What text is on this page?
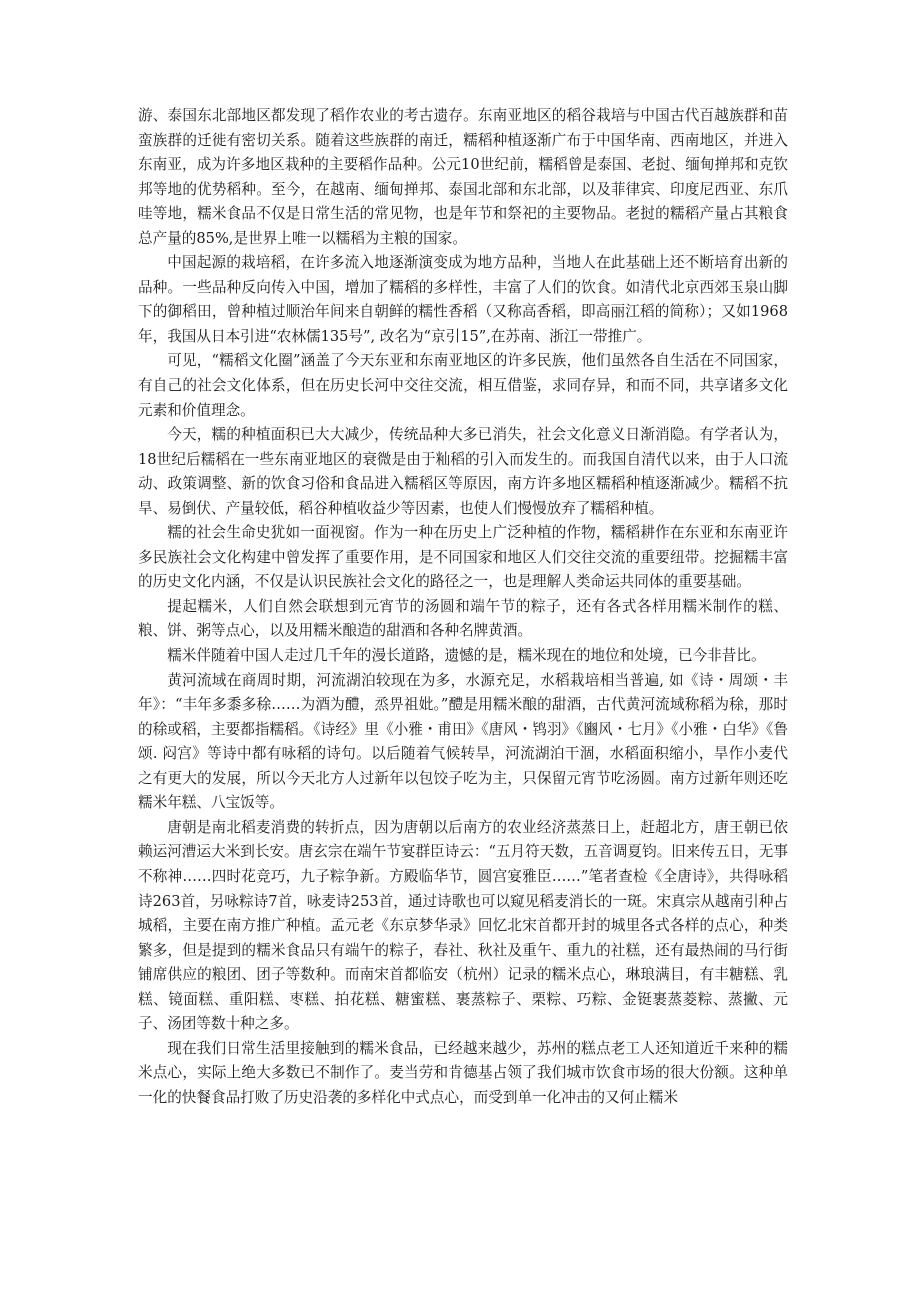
游、泰国东北部地区都发现了稻作农业的考古遗存。东南亚地区的稻谷栽培与中国古代百越族群和苗蛮族群的迁徙有密切关系。随着这些族群的南迁，糯稻种植逐渐广布于中国华南、西南地区，并进入东南亚，成为许多地区栽种的主要稻作品种。公元10世纪前，糯稻曾是泰国、老挝、缅甸掸邦和克钦邦等地的优势稻种。至今，在越南、缅甸掸邦、泰国北部和东北部，以及菲律宾、印度尼西亚、东爪哇等地，糯米食品不仅是日常生活的常见物，也是年节和祭祀的主要物品。老挝的糯稻产量占其粮食总产量的85%,是世界上唯一以糯稻为主粮的国家。

中国起源的栽培稻，在许多流入地逐渐演变成为地方品种，当地人在此基础上还不断培育出新的品种。一些品种反向传入中国，增加了糯稻的多样性，丰富了人们的饮食。如清代北京西郊玉泉山脚下的御稻田，曾种植过顺治年间来自朝鲜的糯性香稻（又称高香稻，即高丽江稻的简称）；又如1968年，我国从日本引进“农林儒135号”, 改名为“京引15”,在苏南、浙江一带推广。

可见，“糯稻文化圈”涵盖了今天东亚和东南亚地区的许多民族，他们虽然各自生活在不同国家，有自己的社会文化体系，但在历史长河中交往交流，相互借鉴，求同存异，和而不同，共享诸多文化元素和价值理念。

今天，糯的种植面积已大大减少，传统品种大多已消失，社会文化意义日渐消隐。有学者认为，18世纪后糯稻在一些东南亚地区的衰微是由于籼稻的引入而发生的。而我国自清代以来，由于人口流动、政策调整、新的饮食习俗和食品进入糯稻区等原因，南方许多地区糯稻种植逐渐减少。糯稻不抗旱、易倒伏、产量较低，稻谷种植收益少等因素，也使人们慢慢放弃了糯稻种植。

糯的社会生命史犹如一面视窗。作为一种在历史上广泛种植的作物，糯稻耕作在东亚和东南亚许多民族社会文化构建中曾发挥了重要作用，是不同国家和地区人们交往交流的重要纽带。挖掘糯丰富的历史文化内涵，不仅是认识民族社会文化的路径之一，也是理解人类命运共同体的重要基础。

提起糯米，人们自然会联想到元宵节的汤圆和端午节的粽子，还有各式各样用糯米制作的糕、粮、饼、粥等点心，以及用糯米酿造的甜酒和各种名牌黄酒。

糯米伴随着中国人走过几千年的漫长道路，遗憾的是，糯米现在的地位和处境，已今非昔比。

黄河流域在商周时期，河流湖泊较现在为多，水源充足，水稻栽培相当普遍, 如《诗・周颂・丰年》：“丰年多黍多稌……为酒为醴，烝畀祖妣。”醴是用糯米酿的甜酒，古代黄河流域称稻为稌，那时的稌或稻，主要都指糯稻。《诗经》里《小雅・甫田》《唐风・鸨羽》《豳风・七月》《小雅・白华》《鲁颂. 闷宫》等诗中都有咏稻的诗句。以后随着气候转旱，河流湖泊干涸，水稻面积缩小，旱作小麦代之有更大的发展，所以今天北方人过新年以包饺子吃为主，只保留元宵节吃汤圆。南方过新年则还吃糯米年糕、八宝饭等。

唐朝是南北稻麦消费的转折点，因为唐朝以后南方的农业经济蒸蒸日上，赶超北方，唐王朝已依赖运河漕运大米到长安。唐玄宗在端午节宴群臣诗云：“五月符天数，五音调夏钧。旧来传五日，无事不称神……四时花竞巧，九子粽争新。方殿临华节，圆宫宴雅臣……”笔者查检《全唐诗》，共得咏稻诗263首，另咏粽诗7首，咏麦诗253首，通过诗歌也可以窥见稻麦消长的一斑。宋真宗从越南引种占城稻，主要在南方推广种植。孟元老《东京梦华录》回忆北宋首都开封的城里各式各样的点心，种类繁多，但是提到的糯米食品只有端午的粽子，春社、秋社及重午、重九的社糕，还有最热闹的马行街铺席供应的粮团、团子等数种。而南宋首都临安（杭州）记录的糯米点心，琳琅满目，有丰糖糕、乳糕、镜面糕、重阳糕、枣糕、拍花糕、糖蜜糕、裹蒸粽子、栗粽、巧粽、金铤裹蒸菱粽、蒸撇、元子、汤团等数十种之多。

现在我们日常生活里接触到的糯米食品，已经越来越少，苏州的糕点老工人还知道近千来种的糯米点心，实际上绝大多数已不制作了。麦当劳和肯德基占领了我们城市饮食市场的很大份额。这种单一化的快餐食品打败了历史沿袭的多样化中式点心，而受到单一化冲击的又何止糯米
